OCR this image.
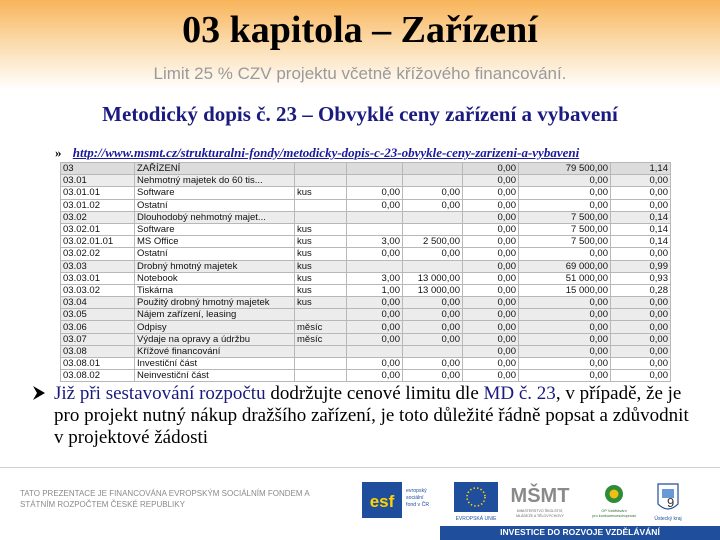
03 kapitola – Zařízení
Limit 25 % CZV projektu včetně křížového financování.
Metodický dopis č. 23 – Obvyklé ceny zařízení a vybavení
» http://www.msmt.cz/strukturalni-fondy/metodicky-dopis-c-23-obvykle-ceny-zarizeni-a-vybaveni
03	ZAŘÍZENÍ				0,00	79 500,00	1,14
03.01	Nehmotný majetek do 60 tis...				0,00	0,00	0,00
03.01.01	Software	kus	0,00	0,00	0,00	0,00	0,00
03.01.02	Ostatní		0,00	0,00	0,00	0,00	0,00
03.02	Dlouhodobý nehmotný majet...				0,00	7 500,00	0,14
03.02.01	Software	kus			0,00	7 500,00	0,14
03.02.01.01	MS Office	kus	3,00	2 500,00	0,00	7 500,00	0,14
03.02.02	Ostatní	kus	0,00	0,00	0,00	0,00	0,00
03.03	Drobný hmotný majetek	kus			0,00	69 000,00	0,99
03.03.01	Notebook	kus	3,00	13 000,00	0,00	51 000,00	0,93
03.03.02	Tiskárna	kus	1,00	13 000,00	0,00	15 000,00	0,28
03.04	Použitý drobný hmotný majetek	kus	0,00	0,00	0,00	0,00	0,00
03.05	Nájem zařízení, leasing		0,00	0,00	0,00	0,00	0,00
03.06	Odpisy	měsíc	0,00	0,00	0,00	0,00	0,00
03.07	Výdaje na opravy a údržbu	měsíc	0,00	0,00	0,00	0,00	0,00
03.08	Křížové financování				0,00	0,00	0,00
03.08.01	Investiční část		0,00	0,00	0,00	0,00	0,00
03.08.02	Neinvestiční část		0,00	0,00	0,00	0,00	0,00
Již při sestavování rozpočtu dodržujte cenové limitu dle MD č. 23, v případě, že je pro projekt nutný nákup dražšího zařízení, je toto důležité řádně popsat a zdůvodnit v projektové žádosti
TATO PREZENTACE JE FINANCOVÁNA EVROPSKÝM SOCIÁLNÍM FONDEM A STÁTNÍM ROZPOČTEM ČESKÉ REPUBLIKY	esf
evropský sociální fond v ČR
EVROPSKÁ UNIE
MŠMT
MINISTERSTVO ŠKOLSTVÍ,
MLÁDEŽE A TĚLOVÝCHOVY
OP Vzdělávání
pro konkurenceschopnost	Ústecký kraj
9
INVESTICE DO ROZVOJE VZDĚLÁVÁNÍ
